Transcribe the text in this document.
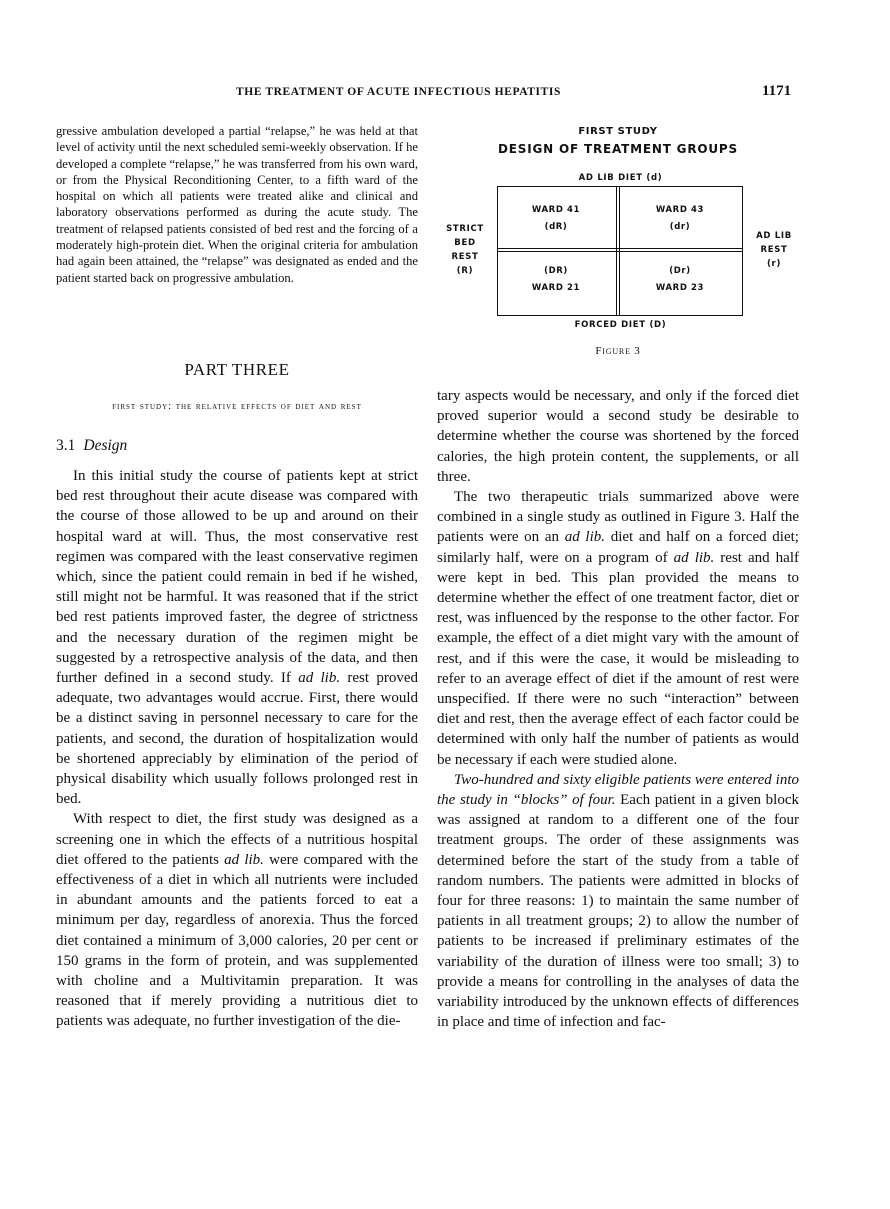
THE TREATMENT OF ACUTE INFECTIOUS HEPATITIS	1171

gressive ambulation developed a partial “relapse,” he was held at that level of activity until the next scheduled semi-weekly observation. If he developed a complete “relapse,” he was transferred from his own ward, or from the Physical Reconditioning Center, to a fifth ward of the hospital on which all patients were treated alike and clinical and laboratory observations performed as during the acute study. The treatment of relapsed patients consisted of bed rest and the forcing of a moderately high-protein diet. When the original criteria for ambulation had again been attained, the “relapse” was designated as ended and the patient started back on progressive ambulation.

PART THREE
first study: the relative effects of diet and rest
3.1 Design

In this initial study the course of patients kept at strict bed rest throughout their acute disease was compared with the course of those allowed to be up and around on their hospital ward at will. Thus, the most conservative rest regimen was compared with the least conservative regimen which, since the patient could remain in bed if he wished, still might not be harmful. It was reasoned that if the strict bed rest patients improved faster, the degree of strictness and the necessary duration of the regimen might be suggested by a retrospective analysis of the data, and then further defined in a second study. If ad lib. rest proved adequate, two advantages would accrue. First, there would be a distinct saving in personnel necessary to care for the patients, and second, the duration of hospitalization would be shortened appreciably by elimination of the period of physical disability which usually follows prolonged rest in bed.

With respect to diet, the first study was designed as a screening one in which the effects of a nutritious hospital diet offered to the patients ad lib. were compared with the effectiveness of a diet in which all nutrients were included in abundant amounts and the patients forced to eat a minimum per day, regardless of anorexia. Thus the forced diet contained a minimum of 3,000 calories, 20 per cent or 150 grams in the form of protein, and was supplemented with choline and a Multivitamin preparation. It was reasoned that if merely providing a nutritious diet to patients was adequate, no further investigation of the die-

FIRST STUDY
DESIGN OF TREATMENT GROUPS
AD LIB DIET (d)
STRICT
BED
REST
(R)
AD LIB
REST
(r)
WARD 41
(dR)
WARD 43
(dr)
(DR)
WARD 21
(Dr)
WARD 23
FORCED DIET (D)
Figure 3

tary aspects would be necessary, and only if the forced diet proved superior would a second study be desirable to determine whether the course was shortened by the forced calories, the high protein content, the supplements, or all three.

The two therapeutic trials summarized above were combined in a single study as outlined in Figure 3. Half the patients were on an ad lib. diet and half on a forced diet; similarly half, were on a program of ad lib. rest and half were kept in bed. This plan provided the means to determine whether the effect of one treatment factor, diet or rest, was influenced by the response to the other factor. For example, the effect of a diet might vary with the amount of rest, and if this were the case, it would be misleading to refer to an average effect of diet if the amount of rest were unspecified. If there were no such “interaction” between diet and rest, then the average effect of each factor could be determined with only half the number of patients as would be necessary if each were studied alone.

Two-hundred and sixty eligible patients were entered into the study in “blocks” of four. Each patient in a given block was assigned at random to a different one of the four treatment groups. The order of these assignments was determined before the start of the study from a table of random numbers. The patients were admitted in blocks of four for three reasons: 1) to maintain the same number of patients in all treatment groups; 2) to allow the number of patients to be increased if preliminary estimates of the variability of the duration of illness were too small; 3) to provide a means for controlling in the analyses of data the variability introduced by the unknown effects of differences in place and time of infection and fac-
